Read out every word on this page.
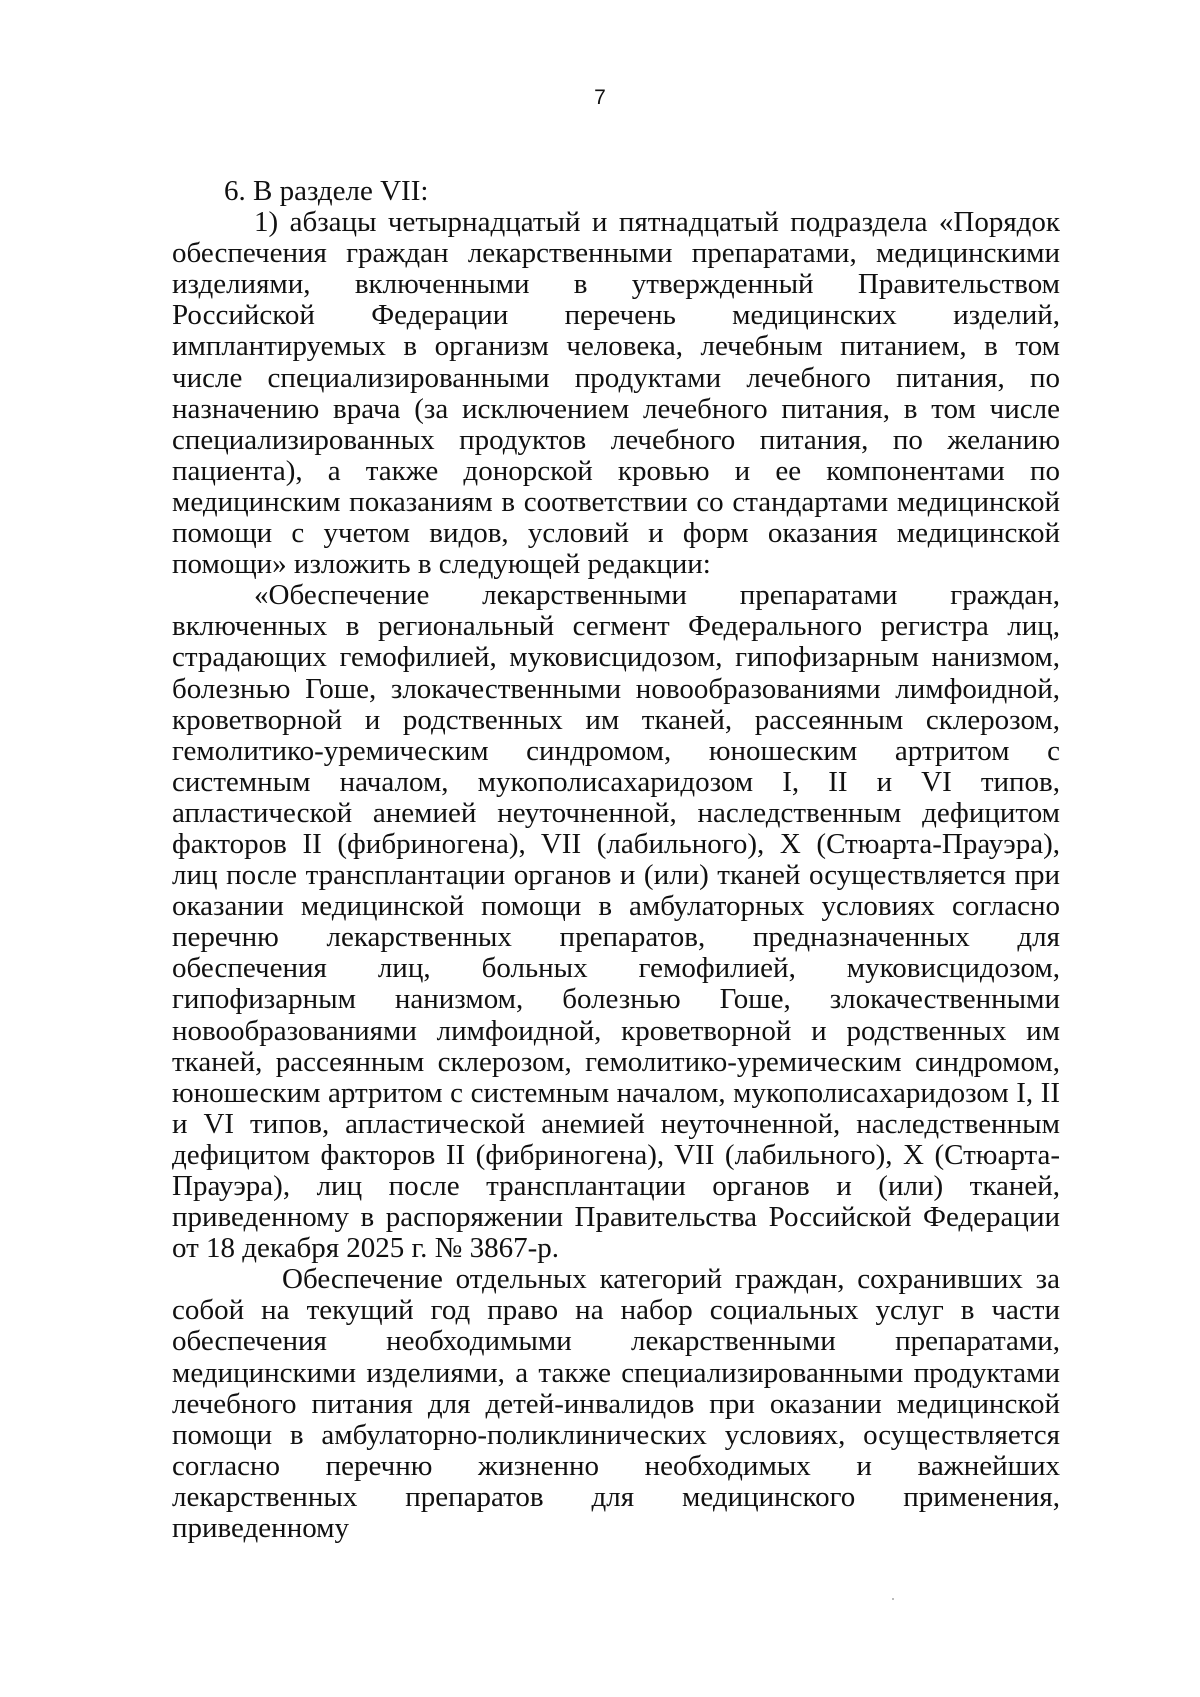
7

6. В разделе VII:

1) абзацы четырнадцатый и пятнадцатый подраздела «Порядок обеспечения граждан лекарственными препаратами, медицинскими изделиями, включенными в утвержденный Правительством Российской Федерации перечень медицинских изделий, имплантируемых в организм человека, лечебным питанием, в том числе специализированными продуктами лечебного питания, по назначению врача (за исключением лечебного питания, в том числе специализированных продуктов лечебного питания, по желанию пациента), а также донорской кровью и ее компонентами по медицинским показаниям в соответствии со стандартами медицинской помощи с учетом видов, условий и форм оказания медицинской помощи» изложить в следующей редакции:

«Обеспечение лекарственными препаратами граждан, включенных в региональный сегмент Федерального регистра лиц, страдающих гемофилией, муковисцидозом, гипофизарным нанизмом, болезнью Гоше, злокачественными новообразованиями лимфоидной, кроветворной и родственных им тканей, рассеянным склерозом, гемолитико-уремическим синдромом, юношеским артритом с системным началом, мукополисахаридозом I, II и VI типов, апластической анемией неуточненной, наследственным дефицитом факторов II (фибриногена), VII (лабильного), X (Стюарта-Прауэра), лиц после трансплантации органов и (или) тканей осуществляется при оказании медицинской помощи в амбулаторных условиях согласно перечню лекарственных препаратов, предназначенных для обеспечения лиц, больных гемофилией, муковисцидозом, гипофизарным нанизмом, болезнью Гоше, злокачественными новообразованиями лимфоидной, кроветворной и родственных им тканей, рассеянным склерозом, гемолитико-уремическим синдромом, юношеским артритом с системным началом, мукополисахаридозом I, II и VI типов, апластической анемией неуточненной, наследственным дефицитом факторов II (фибриногена), VII (лабильного), X (Стюарта-Прауэра), лиц после трансплантации органов и (или) тканей, приведенному в распоряжении Правительства Российской Федерации от 18 декабря 2025 г. № 3867-р.

Обеспечение отдельных категорий граждан, сохранивших за собой на текущий год право на набор социальных услуг в части обеспечения необходимыми лекарственными препаратами, медицинскими изделиями, а также специализированными продуктами лечебного питания для детей-инвалидов при оказании медицинской помощи в амбулаторно-поликлинических условиях, осуществляется согласно перечню жизненно необходимых и важнейших лекарственных препаратов для медицинского применения, приведенному
